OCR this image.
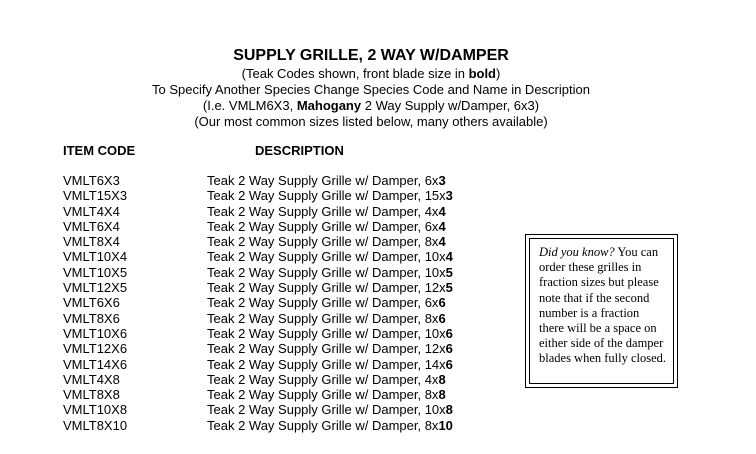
SUPPLY GRILLE, 2 WAY W/DAMPER

(Teak Codes shown, front blade size in bold)

To Specify Another Species Change Species Code and Name in Description

(I.e. VMLM6X3, Mahogany 2 Way Supply w/Damper, 6x3)

(Our most common sizes listed below, many others available)

ITEM CODE	DESCRIPTION
VMLT6X3	Teak 2 Way Supply Grille w/ Damper, 6x3
VMLT15X3	Teak 2 Way Supply Grille w/ Damper, 15x3
VMLT4X4	Teak 2 Way Supply Grille w/ Damper, 4x4
VMLT6X4	Teak 2 Way Supply Grille w/ Damper, 6x4
VMLT8X4	Teak 2 Way Supply Grille w/ Damper, 8x4
VMLT10X4	Teak 2 Way Supply Grille w/ Damper, 10x4
VMLT10X5	Teak 2 Way Supply Grille w/ Damper, 10x5
VMLT12X5	Teak 2 Way Supply Grille w/ Damper, 12x5
VMLT6X6	Teak 2 Way Supply Grille w/ Damper, 6x6
VMLT8X6	Teak 2 Way Supply Grille w/ Damper, 8x6
VMLT10X6	Teak 2 Way Supply Grille w/ Damper, 10x6
VMLT12X6	Teak 2 Way Supply Grille w/ Damper, 12x6
VMLT14X6	Teak 2 Way Supply Grille w/ Damper, 14x6
VMLT4X8	Teak 2 Way Supply Grille w/ Damper, 4x8
VMLT8X8	Teak 2 Way Supply Grille w/ Damper, 8x8
VMLT10X8	Teak 2 Way Supply Grille w/ Damper, 10x8
VMLT8X10	Teak 2 Way Supply Grille w/ Damper, 8x10
Did you know? You can order these grilles in fraction sizes but please note that if the second number is a fraction there will be a space on either side of the damper blades when fully closed.
